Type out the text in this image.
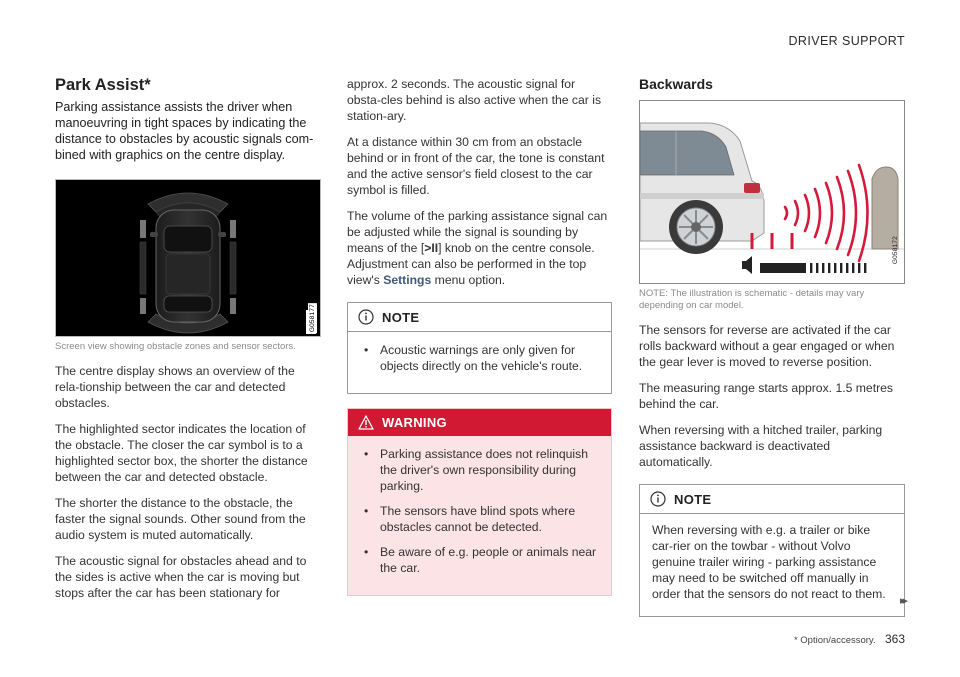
DRIVER SUPPORT
Park Assist*

Parking assistance assists the driver when manoeuvring in tight spaces by indicating the distance to obstacles by acoustic signals com-bined with graphics on the centre display.

G058177
Screen view showing obstacle zones and sensor sectors.

The centre display shows an overview of the rela-tionship between the car and detected obstacles.

The highlighted sector indicates the location of the obstacle. The closer the car symbol is to a highlighted sector box, the shorter the distance between the car and detected obstacle.

The shorter the distance to the obstacle, the faster the signal sounds. Other sound from the audio system is muted automatically.

The acoustic signal for obstacles ahead and to the sides is active when the car is moving but stops after the car has been stationary for

approx. 2 seconds. The acoustic signal for obsta-cles behind is also active when the car is station-ary.

At a distance within 30 cm from an obstacle behind or in front of the car, the tone is constant and the active sensor's field closest to the car symbol is filled.

The volume of the parking assistance signal can be adjusted while the signal is sounding by means of the [>II] knob on the centre console. Adjustment can also be performed in the top view's Settings menu option.

NOTE
• Acoustic warnings are only given for objects directly on the vehicle's route.
WARNING
• Parking assistance does not relinquish the driver's own responsibility during parking.
• The sensors have blind spots where obstacles cannot be detected.
• Be aware of e.g. people or animals near the car.
Backwards
G058172
NOTE: The illustration is schematic - details may vary depending on car model.

The sensors for reverse are activated if the car rolls backward without a gear engaged or when the gear lever is moved to reverse position.

The measuring range starts approx. 1.5 metres behind the car.

When reversing with a hitched trailer, parking assistance backward is deactivated automatically.

NOTE

When reversing with e.g. a trailer or bike car-rier on the towbar - without Volvo genuine trailer wiring - parking assistance may need to be switched off manually in order that the sensors do not react to them.	▸▸
* Option/accessory. 363
